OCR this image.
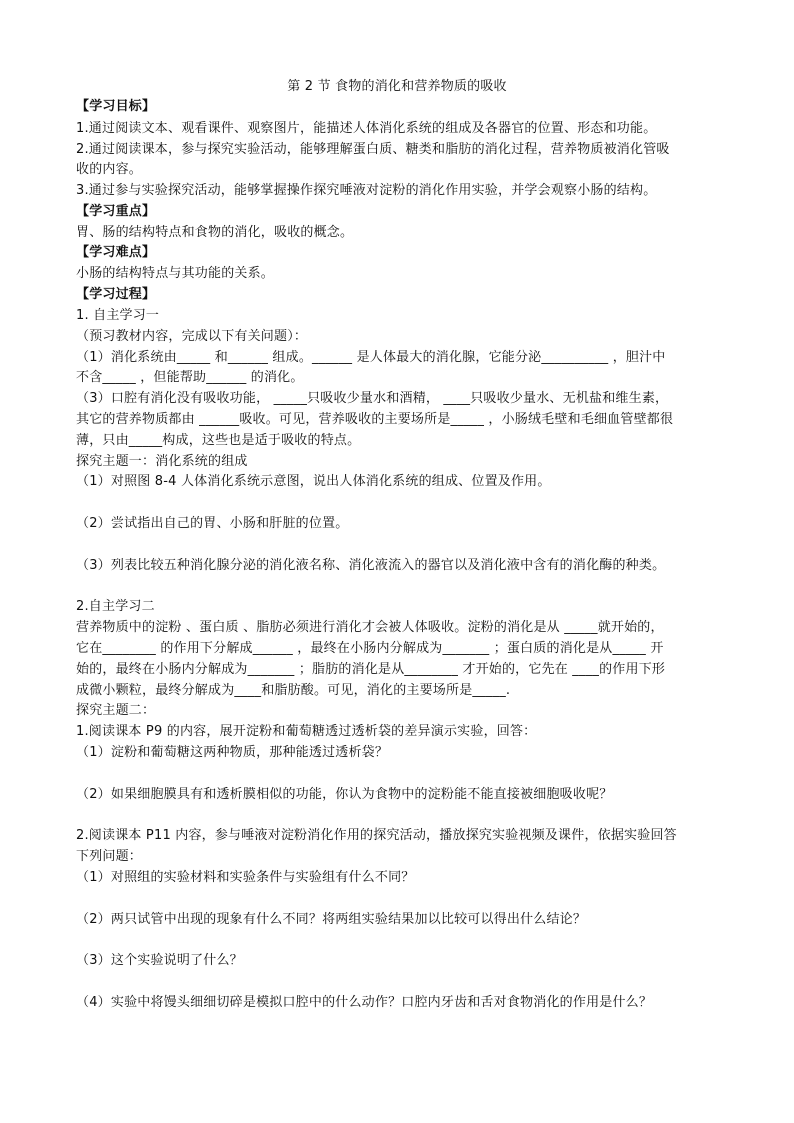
第 2 节 食物的消化和营养物质的吸收
【学习目标】
1.通过阅读文本、观看课件、观察图片，能描述人体消化系统的组成及各器官的位置、形态和功能。
2.通过阅读课本，参与探究实验活动，能够理解蛋白质、糖类和脂肪的消化过程，营养物质被消化管吸
收的内容。
3.通过参与实验探究活动，能够掌握操作探究唾液对淀粉的消化作用实验，并学会观察小肠的结构。
【学习重点】
胃、肠的结构特点和食物的消化，吸收的概念。
【学习难点】
小肠的结构特点与其功能的关系。
【学习过程】
1. 自主学习一
（预习教材内容，完成以下有关问题）：
（1）消化系统由_____ 和______ 组成。______ 是人体最大的消化腺，它能分泌__________ ，胆汁中
不含_____ ，但能帮助______ 的消化。
（3）口腔有消化没有吸收功能， _____只吸收少量水和酒精， ____只吸收少量水、无机盐和维生素，
其它的营养物质都由 ______吸收。可见，营养吸收的主要场所是_____ ，小肠绒毛壁和毛细血管壁都很
薄，只由_____构成，这些也是适于吸收的特点。
探究主题一：消化系统的组成
（1）对照图 8-4 人体消化系统示意图，说出人体消化系统的组成、位置及作用。
（2）尝试指出自己的胃、小肠和肝脏的位置。
（3）列表比较五种消化腺分泌的消化液名称、消化液流入的器官以及消化液中含有的消化酶的种类。
2.自主学习二
营养物质中的淀粉 、蛋白质 、脂肪必须进行消化才会被人体吸收。淀粉的消化是从 _____就开始的，
它在________ 的作用下分解成______ ，最终在小肠内分解成为_______ ；蛋白质的消化是从_____ 开
始的，最终在小肠内分解成为_______ ；脂肪的消化是从________ 才开始的，它先在 ____的作用下形
成微小颗粒，最终分解成为____和脂肪酸。可见，消化的主要场所是_____.
探究主题二：
1.阅读课本 P9 的内容，展开淀粉和葡萄糖透过透析袋的差异演示实验，回答：
（1）淀粉和葡萄糖这两种物质，那种能透过透析袋？
（2）如果细胞膜具有和透析膜相似的功能，你认为食物中的淀粉能不能直接被细胞吸收呢？
2.阅读课本 P11 内容，参与唾液对淀粉消化作用的探究活动，播放探究实验视频及课件，依据实验回答
下列问题：
（1）对照组的实验材料和实验条件与实验组有什么不同？
（2）两只试管中出现的现象有什么不同？将两组实验结果加以比较可以得出什么结论？
（3）这个实验说明了什么？
（4）实验中将馒头细细切碎是模拟口腔中的什么动作？口腔内牙齿和舌对食物消化的作用是什么？
